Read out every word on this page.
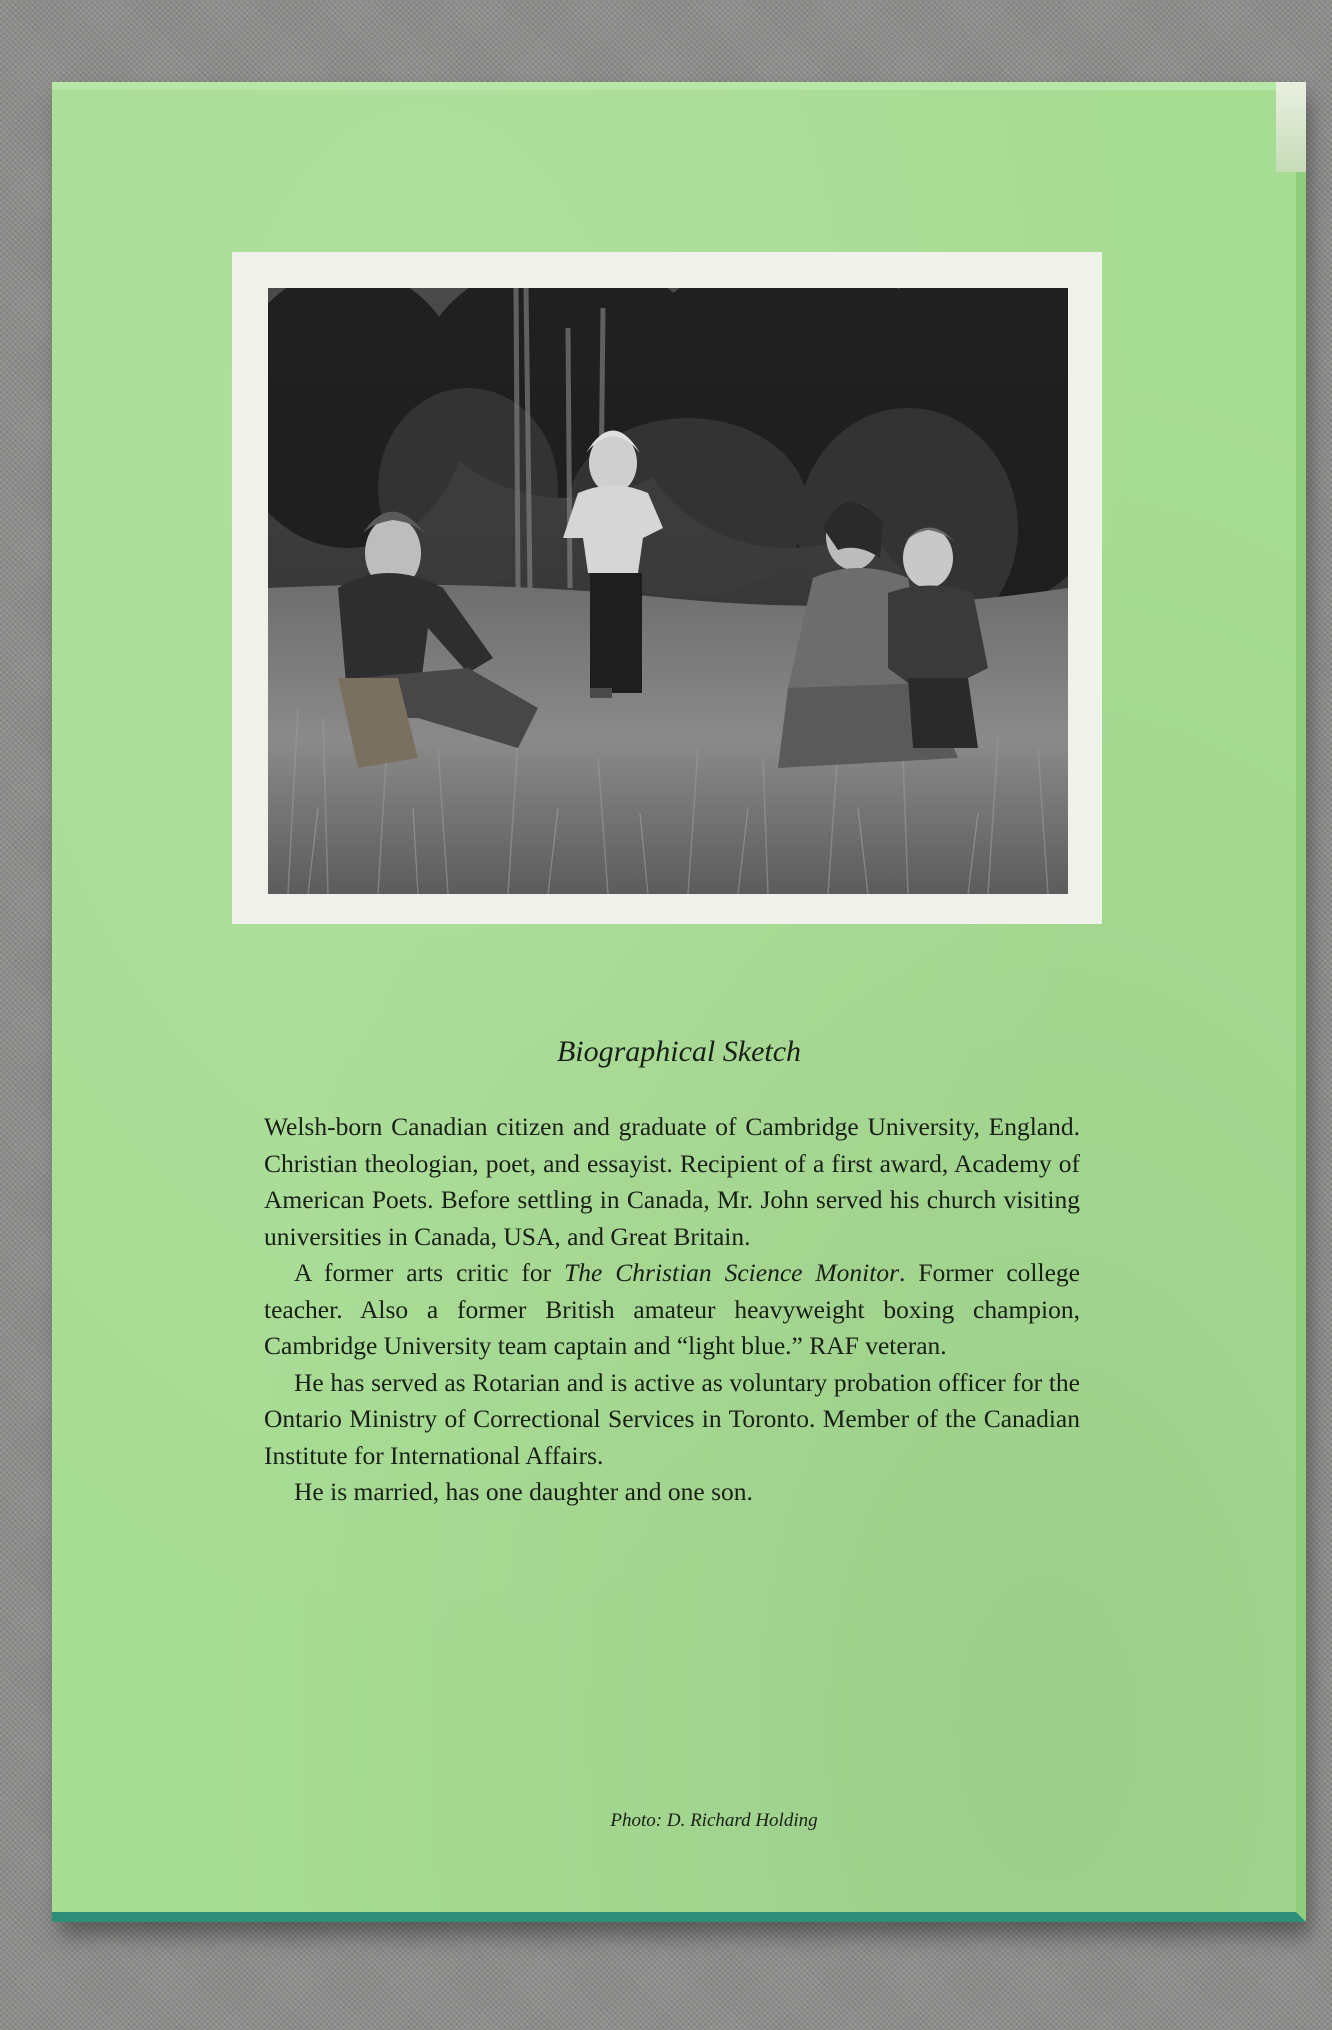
Biographical Sketch

Welsh-born Canadian citizen and graduate of Cambridge University, England. Christian theologian, poet, and essayist. Recipient of a first award, Academy of American Poets. Before settling in Canada, Mr. John served his church visiting universities in Canada, USA, and Great Britain.

A former arts critic for The Christian Science Monitor. Former college teacher. Also a former British amateur heavyweight boxing champion, Cambridge University team captain and “light blue.” RAF veteran.

He has served as Rotarian and is active as voluntary probation officer for the Ontario Ministry of Correctional Services in Toronto. Member of the Canadian Institute for International Affairs.

He is married, has one daughter and one son.

Photo: D. Richard Holding
